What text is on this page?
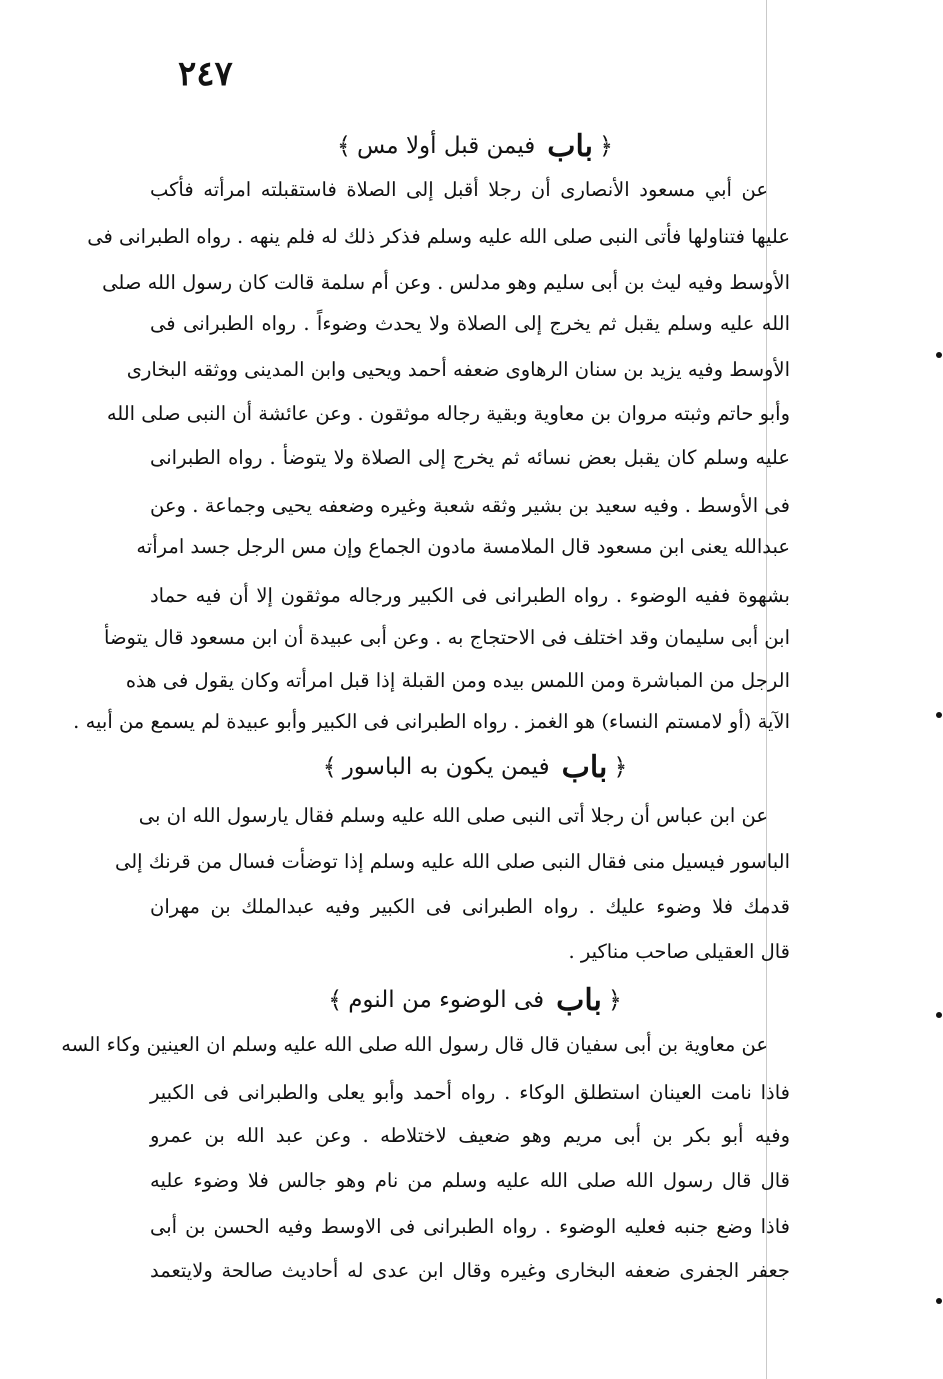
٢٤٧
﴿
باب
فيمن قبل أولا مس
﴾
عن أبي مسعود الأنصارى أن رجلا أقبل إلى الصلاة فاستقبلته امرأته فأكب
عليها فتناولها فأتى النبى صلى الله عليه وسلم فذكر ذلك له فلم ينهه . رواه الطبرانى فى
الأوسط وفيه ليث بن أبى سليم وهو مدلس . وعن أم سلمة قالت كان رسول الله صلى
الله عليه وسلم يقبل ثم يخرج إلى الصلاة ولا يحدث وضوءاً . رواه الطبرانى فى
الأوسط وفيه يزيد بن سنان الرهاوى ضعفه أحمد ويحيى وابن المدينى ووثقه البخارى
وأبو حاتم وثبته مروان بن معاوية وبقية رجاله موثقون . وعن عائشة أن النبى صلى الله
عليه وسلم كان يقبل بعض نسائه ثم يخرج إلى الصلاة ولا يتوضأ . رواه الطبرانى
فى الأوسط . وفيه سعيد بن بشير وثقه شعبة وغيره وضعفه يحيى وجماعة . وعن
عبدالله يعنى ابن مسعود قال الملامسة مادون الجماع وإن مس الرجل جسد امرأته
بشهوة ففيه الوضوء . رواه الطبرانى فى الكبير ورجاله موثقون إلا أن فيه حماد
ابن أبى سليمان وقد اختلف فى الاحتجاج به . وعن أبى عبيدة أن ابن مسعود قال يتوضأ
الرجل من المباشرة ومن اللمس بيده ومن القبلة إذا قبل امرأته وكان يقول فى هذه
الآية (أو لامستم النساء) هو الغمز . رواه الطبرانى فى الكبير وأبو عبيدة لم يسمع من أبيه .
﴿
باب
فيمن يكون به الباسور
﴾
عن ابن عباس أن رجلا أتى النبى صلى الله عليه وسلم فقال يارسول الله ان بى
الباسور فيسيل منى فقال النبى صلى الله عليه وسلم إذا توضأت فسال من قرنك إلى
قدمك فلا وضوء عليك . رواه الطبرانى فى الكبير وفيه عبدالملك بن مهران
قال العقيلى صاحب مناكير .
﴿
باب
فى الوضوء من النوم
﴾
عن معاوية بن أبى سفيان قال قال رسول الله صلى الله عليه وسلم ان العينين وكاء السه
فاذا نامت العينان استطلق الوكاء . رواه أحمد وأبو يعلى والطبرانى فى الكبير
وفيه أبو بكر بن أبى مريم وهو ضعيف لاختلاطه . وعن عبد الله بن عمرو
قال قال رسول الله صلى الله عليه وسلم من نام وهو جالس فلا وضوء عليه
فاذا وضع جنبه فعليه الوضوء . رواه الطبرانى فى الاوسط وفيه الحسن بن أبى
جعفر الجفرى ضعفه البخارى وغيره وقال ابن عدى له أحاديث صالحة ولايتعمد
